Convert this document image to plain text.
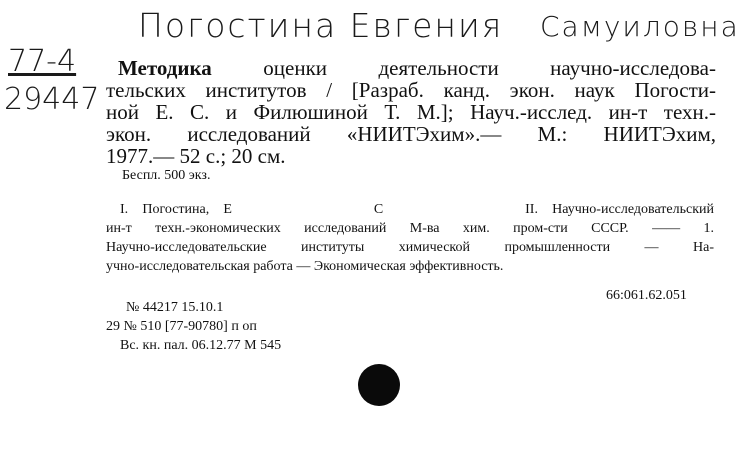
Погостина Евгения Самуиловна
77-4
29447
Методика оценки деятельности научно-исследова-
тельских институтов / [Разраб. канд. экон. наук Погости-
ной Е. С. и Филюшиной Т. М.]; Науч.-исслед. ин-т техн.-
экон. исследований «НИИТЭхим».— М.: НИИТЭхим,
1977.— 52 с.; 20 см.
Беспл. 500 экз.
I. Погостина, Е          С          II. Научно-исследовательский
ин-т техн.-экономических исследований М-ва хим. пром-сти СССР. —— 1.
Научно-исследовательские институты химической промышленности — На-
учно-исследовательская работа — Экономическая эффективность.
66:061.62.051
№ 44217 15.10.1
29 № 510 [77-90780] п оп
Вс. кн. пал. 06.12.77 М 545
